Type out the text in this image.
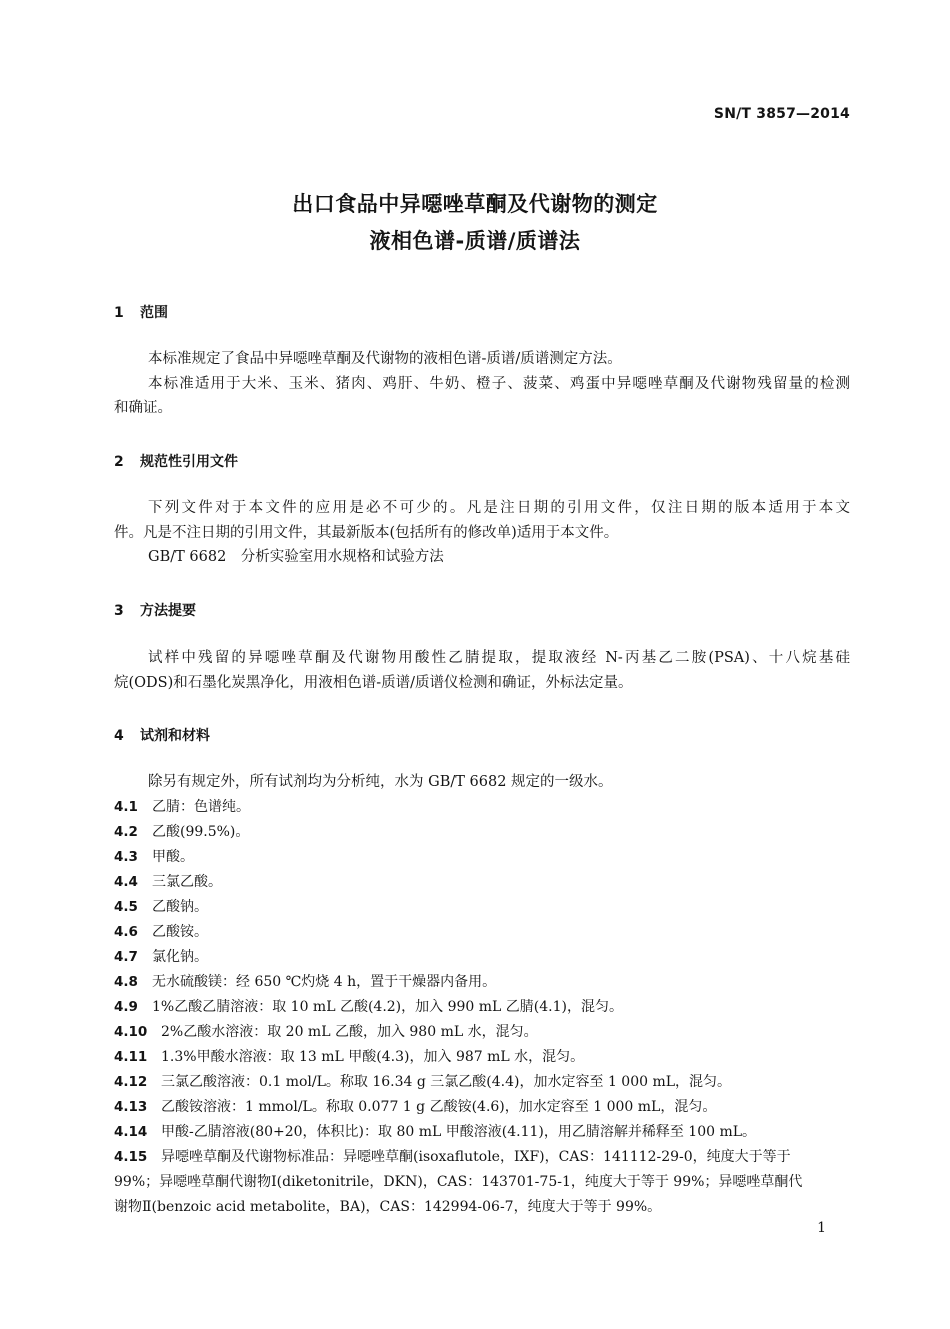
SN/T 3857—2014
出口食品中异噁唑草酮及代谢物的测定
液相色谱-质谱/质谱法
1 范围
本标准规定了食品中异噁唑草酮及代谢物的液相色谱-质谱/质谱测定方法。
本标准适用于大米、玉米、猪肉、鸡肝、牛奶、橙子、菠菜、鸡蛋中异噁唑草酮及代谢物残留量的检测
和确证。
2 规范性引用文件
下列文件对于本文件的应用是必不可少的。凡是注日期的引用文件，仅注日期的版本适用于本文
件。凡是不注日期的引用文件，其最新版本(包括所有的修改单)适用于本文件。
GB/T 6682　分析实验室用水规格和试验方法
3 方法提要
试样中残留的异噁唑草酮及代谢物用酸性乙腈提取，提取液经 N-丙基乙二胺(PSA)、十八烷基硅
烷(ODS)和石墨化炭黑净化，用液相色谱-质谱/质谱仪检测和确证，外标法定量。
4 试剂和材料
除另有规定外，所有试剂均为分析纯，水为 GB/T 6682 规定的一级水。
4.1 乙腈：色谱纯。
4.2 乙酸(99.5%)。
4.3 甲酸。
4.4 三氯乙酸。
4.5 乙酸钠。
4.6 乙酸铵。
4.7 氯化钠。
4.8 无水硫酸镁：经 650 ℃灼烧 4 h，置于干燥器内备用。
4.9 1%乙酸乙腈溶液：取 10 mL 乙酸(4.2)，加入 990 mL 乙腈(4.1)，混匀。
4.10 2%乙酸水溶液：取 20 mL 乙酸，加入 980 mL 水，混匀。
4.11 1.3%甲酸水溶液：取 13 mL 甲酸(4.3)，加入 987 mL 水，混匀。
4.12 三氯乙酸溶液：0.1 mol/L。称取 16.34 g 三氯乙酸(4.4)，加水定容至 1 000 mL，混匀。
4.13 乙酸铵溶液：1 mmol/L。称取 0.077 1 g 乙酸铵(4.6)，加水定容至 1 000 mL，混匀。
4.14 甲酸-乙腈溶液(80+20，体积比)：取 80 mL 甲酸溶液(4.11)，用乙腈溶解并稀释至 100 mL。
4.15 异噁唑草酮及代谢物标准品：异噁唑草酮(isoxaflutole，IXF)，CAS：141112-29-0，纯度大于等于
99%；异噁唑草酮代谢物Ⅰ(diketonitrile，DKN)，CAS：143701-75-1，纯度大于等于 99%；异噁唑草酮代
谢物Ⅱ(benzoic acid metabolite，BA)，CAS：142994-06-7，纯度大于等于 99%。
1
